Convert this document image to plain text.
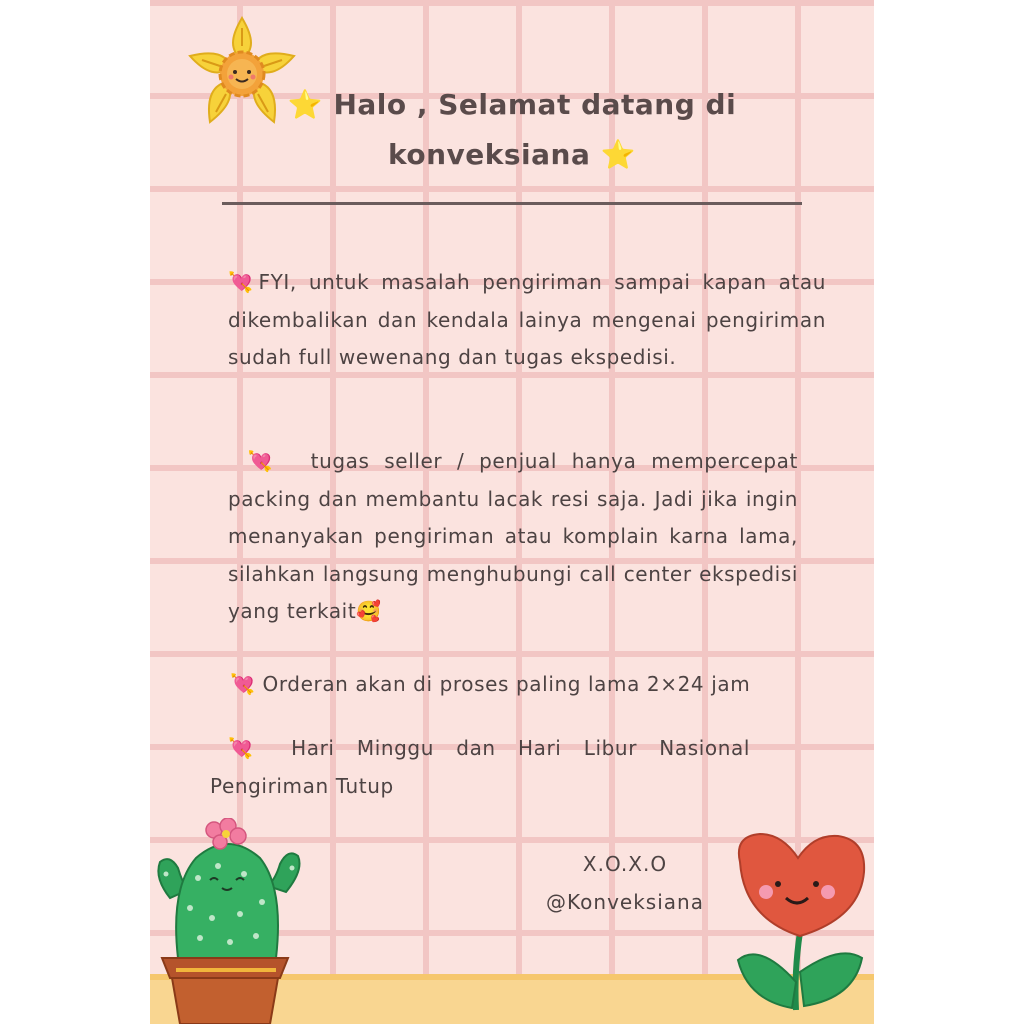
⭐ Halo , Selamat datang di
konveksiana ⭐
💘FYI, untuk masalah pengiriman sampai kapan atau dikembalikan dan kendala lainya mengenai pengiriman sudah full wewenang dan tugas ekspedisi.
💘 tugas seller / penjual hanya mempercepat packing dan membantu lacak resi saja. Jadi jika ingin menanyakan pengiriman atau komplain karna lama, silahkan langsung menghubungi call center ekspedisi yang terkait🥰
💘 Orderan akan di proses paling lama 2×24 jam
💘 Hari Minggu dan Hari Libur Nasional Pengiriman Tutup
X.O.X.O
@Konveksiana
